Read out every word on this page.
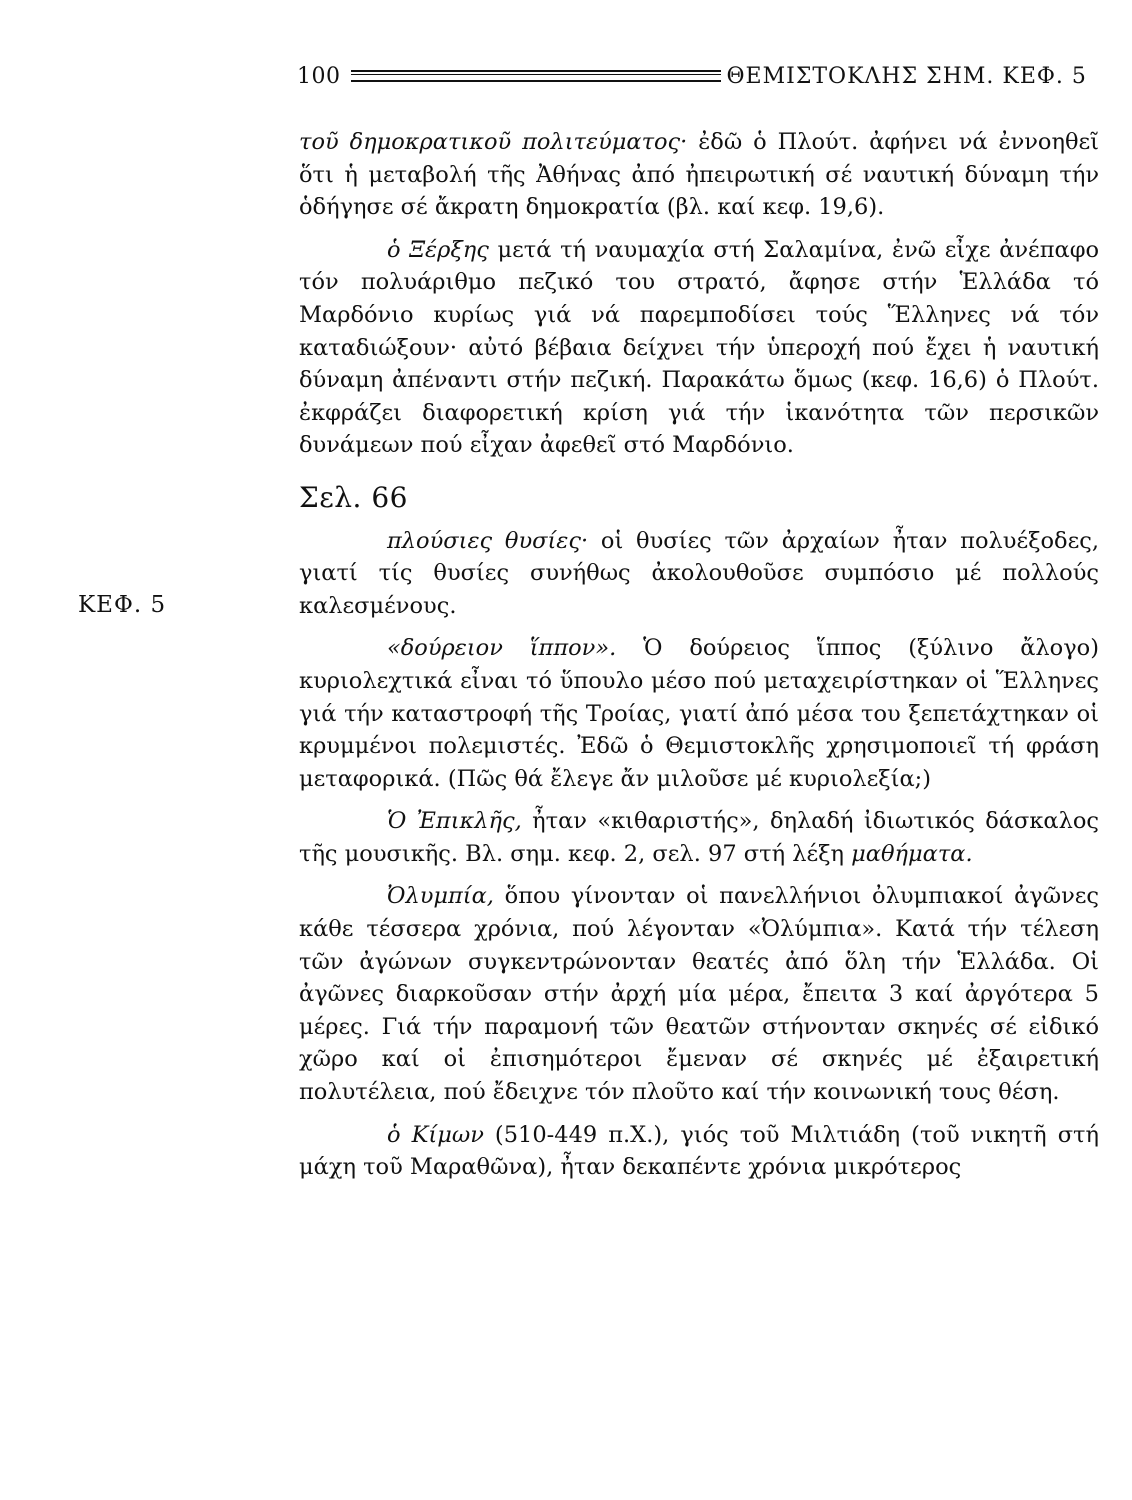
100	ΘΕΜΙΣΤΟΚΛΗΣ ΣΗΜ. ΚΕΦ. 5
ΚΕΦ. 5

τοῦ δημοκρατικοῦ πολιτεύματος· ἐδῶ ὁ Πλούτ. ἀφήνει νά ἐννοηθεῖ ὅτι ἡ μεταβολή τῆς Ἀθήνας ἀπό ἠπειρωτική σέ ναυτική δύναμη τήν ὁδήγησε σέ ἄκρατη δημοκρατία (βλ. καί κεφ. 19,6).

ὁ Ξέρξης μετά τή ναυμαχία στή Σαλαμίνα, ἐνῶ εἶχε ἀνέπαφο τόν πολυάριθμο πεζικό του στρατό, ἄφησε στήν Ἑλλάδα τό Μαρδόνιο κυρίως γιά νά παρεμποδίσει τούς Ἕλληνες νά τόν καταδιώξουν· αὐτό βέβαια δείχνει τήν ὑπεροχή πού ἔχει ἡ ναυτική δύναμη ἀπέναντι στήν πεζική. Παρακάτω ὅμως (κεφ. 16,6) ὁ Πλούτ. ἐκφράζει διαφορετική κρίση γιά τήν ἱκανότητα τῶν περσικῶν δυνάμεων πού εἶχαν ἀφεθεῖ στό Μαρδόνιο.

Σελ. 66

πλούσιες θυσίες· οἱ θυσίες τῶν ἀρχαίων ἦταν πολυέξοδες, γιατί τίς θυσίες συνήθως ἀκολουθοῦσε συμπόσιο μέ πολλούς καλεσμένους.

«δούρειον ἵππον». Ὁ δούρειος ἵππος (ξύλινο ἄλογο) κυριολεχτικά εἶναι τό ὕπουλο μέσο πού μεταχειρίστηκαν οἱ Ἕλληνες γιά τήν καταστροφή τῆς Τροίας, γιατί ἀπό μέσα του ξεπετάχτηκαν οἱ κρυμμένοι πολεμιστές. Ἐδῶ ὁ Θεμιστοκλῆς χρησιμοποιεῖ τή φράση μεταφορικά. (Πῶς θά ἔλεγε ἄν μιλοῦσε μέ κυριολεξία;)

Ὁ Ἐπικλῆς, ἦταν «κιθαριστής», δηλαδή ἰδιωτικός δάσκαλος τῆς μουσικῆς. Βλ. σημ. κεφ. 2, σελ. 97 στή λέξη μαθήματα.

Ὀλυμπία, ὅπου γίνονταν οἱ πανελλήνιοι ὀλυμπιακοί ἀγῶνες κάθε τέσσερα χρόνια, πού λέγονταν «Ὀλύμπια». Κατά τήν τέλεση τῶν ἀγώνων συγκεντρώνονταν θεατές ἀπό ὅλη τήν Ἑλλάδα. Οἱ ἀγῶνες διαρκοῦσαν στήν ἀρχή μία μέρα, ἔπειτα 3 καί ἀργότερα 5 μέρες. Γιά τήν παραμονή τῶν θεατῶν στήνονταν σκηνές σέ εἰδικό χῶρο καί οἱ ἐπισημότεροι ἔμεναν σέ σκηνές μέ ἐξαιρετική πολυτέλεια, πού ἔδειχνε τόν πλοῦτο καί τήν κοινωνική τους θέση.

ὁ Κίμων (510-449 π.Χ.), γιός τοῦ Μιλτιάδη (τοῦ νικητῆ στή μάχη τοῦ Μαραθῶνα), ἦταν δεκαπέντε χρόνια μικρότερος
